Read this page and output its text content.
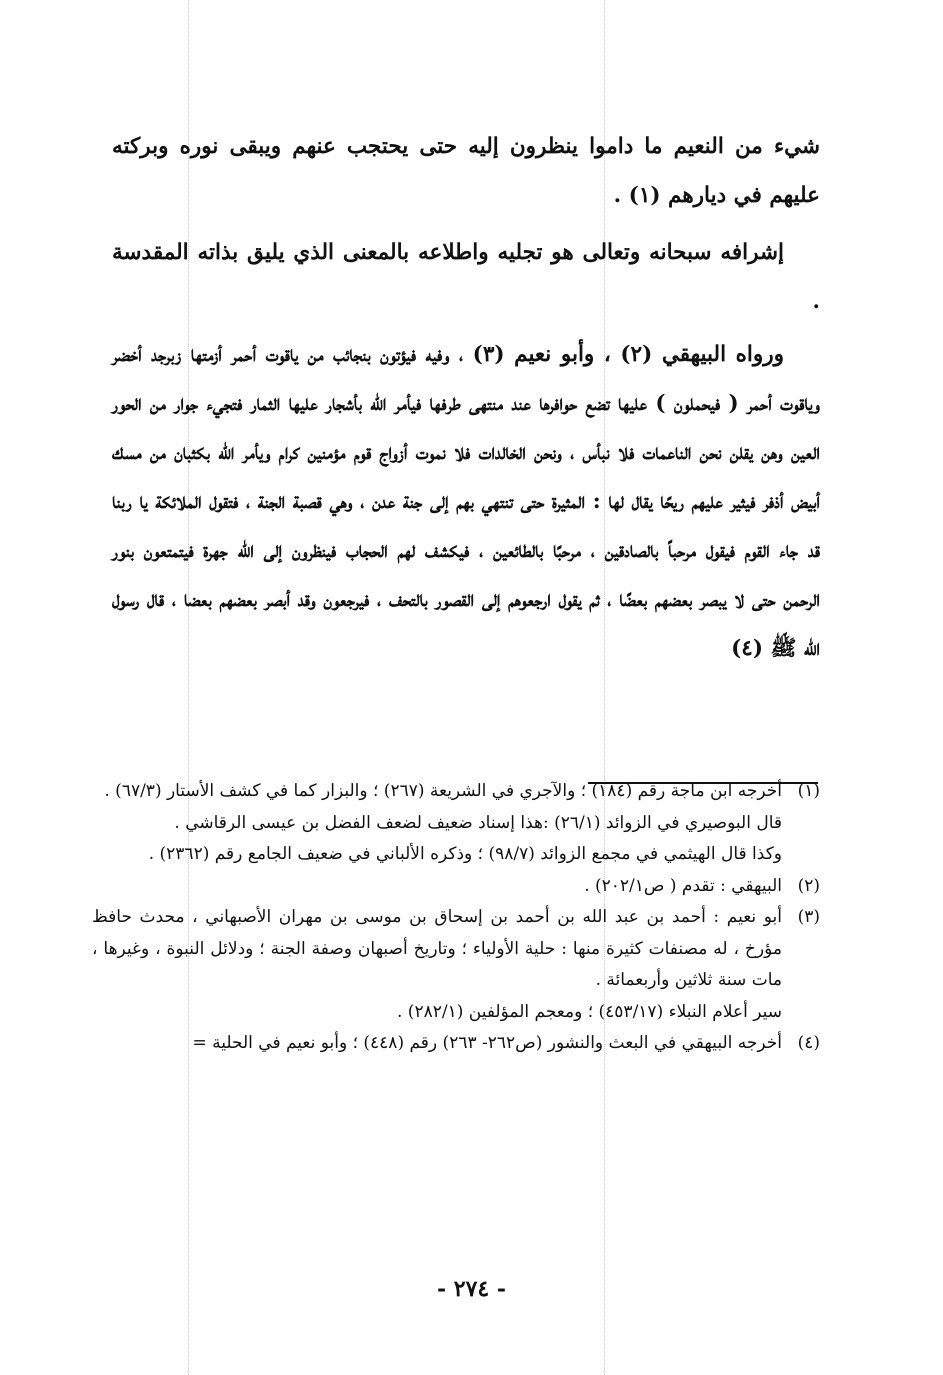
شيء من النعيم ما داموا ينظرون إليه حتى يحتجب عنهم ويبقى نوره وبركته عليهم في ديارهم (١) .

إشرافه سبحانه وتعالى هو تجليه واطلاعه بالمعنى الذي يليق بذاته المقدسة .

ورواه البيهقي (٢) ، وأبو نعيم (٣) ، وفيه فيؤتون بنجائب من ياقوت أحمر أزمتها زبرجد أخضر وياقوت أحمر ( فيحملون ) عليها تضع حوافرها عند منتهى طرفها فيأمر الله بأشجار عليها الثمار فتجيء جوار من الحور العين وهن يقلن نحن الناعمات فلا نبأس ، ونحن الخالدات فلا نموت أزواج قوم مؤمنين كرام ويأمر الله بكثبان من مسك أبيض أذفر فيثير عليهم ريحًا يقال لها : المثيرة حتى تنتهي بهم إلى جنة عدن ، وهي قصبة الجنة ، فتقول الملائكة يا ربنا قد جاء القوم فيقول مرحباً بالصادقين ، مرحبًا بالطائعين ، فيكشف لهم الحجاب فينظرون إلى الله جهرة فيتمتعون بنور الرحمن حتى لا يبصر بعضهم بعضًا ، ثم يقول ارجعوهم إلى القصور بالتحف ، فيرجعون وقد أبصر بعضهم بعضا ، قال رسول الله ﷺ (٤)

(١)

أخرجه ابن ماجة رقم (١٨٤) ؛ والآجري في الشريعة (٢٦٧) ؛ والبزار كما في كشف الأستار (٦٧/٣) .

قال البوصيري في الزوائد (٢٦/١) :هذا إسناد ضعيف لضعف الفضل بن عيسى الرقاشي .

وكذا قال الهيثمي في مجمع الزوائد (٩٨/٧) ؛ وذكره الألباني في ضعيف الجامع رقم (٢٣٦٢) .

(٢)

البيهقي : تقدم ( ص٢٠٢/١) .

(٣)

أبو نعيم : أحمد بن عبد الله بن أحمد بن إسحاق بن موسى بن مهران الأصبهاني ، محدث حافظ مؤرخ ، له مصنفات كثيرة منها : حلية الأولياء ؛ وتاريخ أصبهان وصفة الجنة ؛ ودلائل النبوة ، وغيرها ، مات سنة ثلاثين وأربعمائة .

سير أعلام النبلاء (٤٥٣/١٧) ؛ ومعجم المؤلفين (٢٨٢/١) .

(٤)

أخرجه البيهقي في البعث والنشور (ص٢٦٢- ٢٦٣) رقم (٤٤٨) ؛ وأبو نعيم في الحلية =

- ٢٧٤ -
